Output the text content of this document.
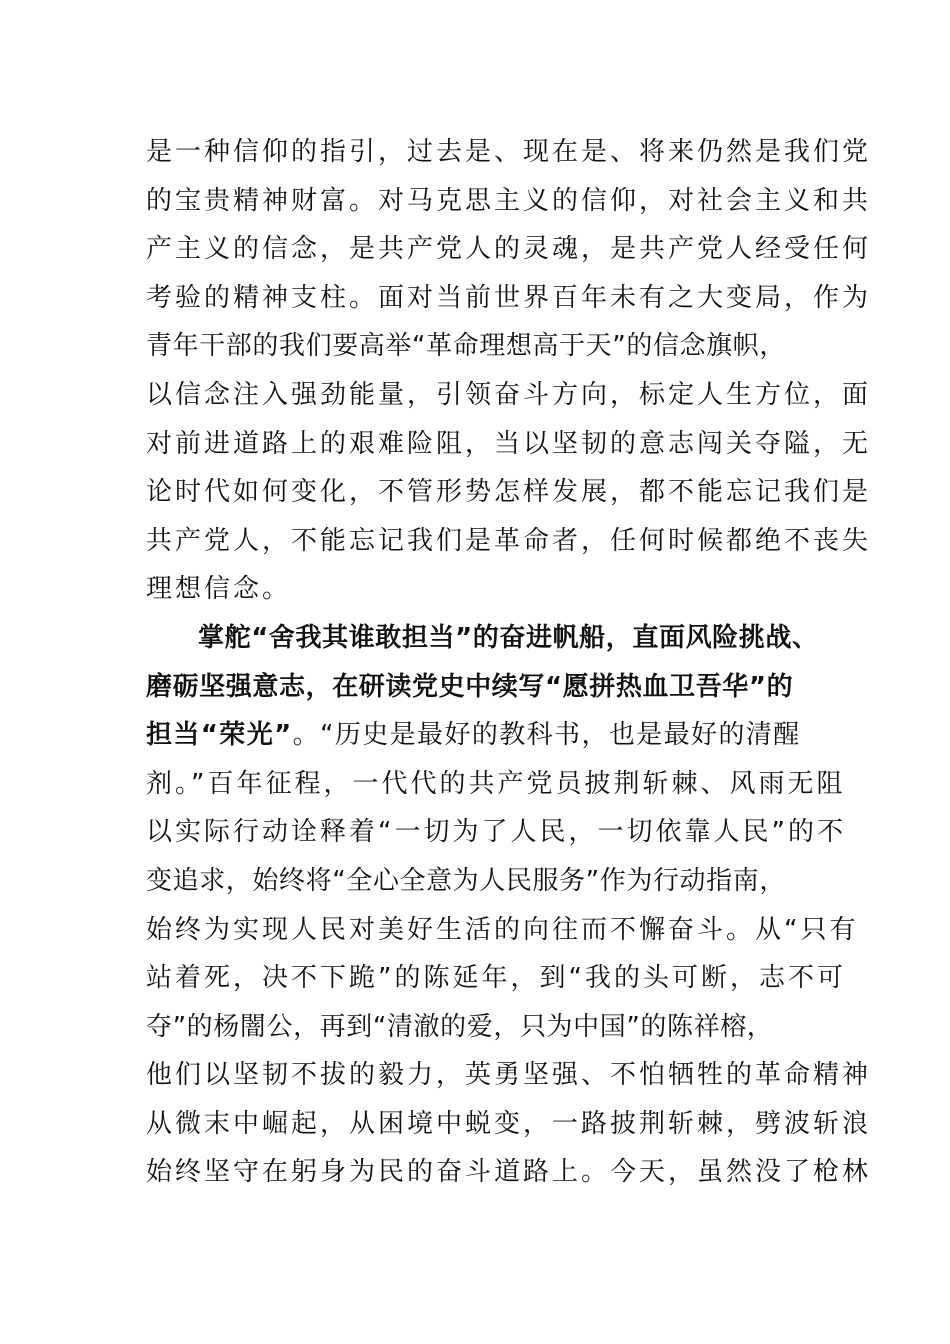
是一种信仰的指引，过去是、现在是、将来仍然是我们党
的宝贵精神财富。对马克思主义的信仰，对社会主义和共
产主义的信念，是共产党人的灵魂，是共产党人经受任何
考验的精神支柱。面对当前世界百年未有之大变局，作为
青年干部的我们要高举“革命理想高于天”的信念旗帜，
以信念注入强劲能量，引领奋斗方向，标定人生方位，面
对前进道路上的艰难险阻，当以坚韧的意志闯关夺隘，无
论时代如何变化，不管形势怎样发展，都不能忘记我们是
共产党人，不能忘记我们是革命者，任何时候都绝不丧失
理想信念。
掌舵“舍我其谁敢担当”的奋进帆船，直面风险挑战、
磨砺坚强意志，在研读党史中续写“愿拼热血卫吾华”的
担当“荣光”。“历史是最好的教科书，也是最好的清醒
剂。”百年征程，一代代的共产党员披荆斩棘、风雨无阻
以实际行动诠释着“一切为了人民，一切依靠人民”的不
变追求，始终将“全心全意为人民服务”作为行动指南，
始终为实现人民对美好生活的向往而不懈奋斗。从“只有
站着死，决不下跪”的陈延年，到“我的头可断，志不可
夺”的杨闇公，再到“清澈的爱，只为中国”的陈祥榕，
他们以坚韧不拔的毅力，英勇坚强、不怕牺牲的革命精神
从微末中崛起，从困境中蜕变，一路披荆斩棘，劈波斩浪
始终坚守在躬身为民的奋斗道路上。今天，虽然没了枪林
